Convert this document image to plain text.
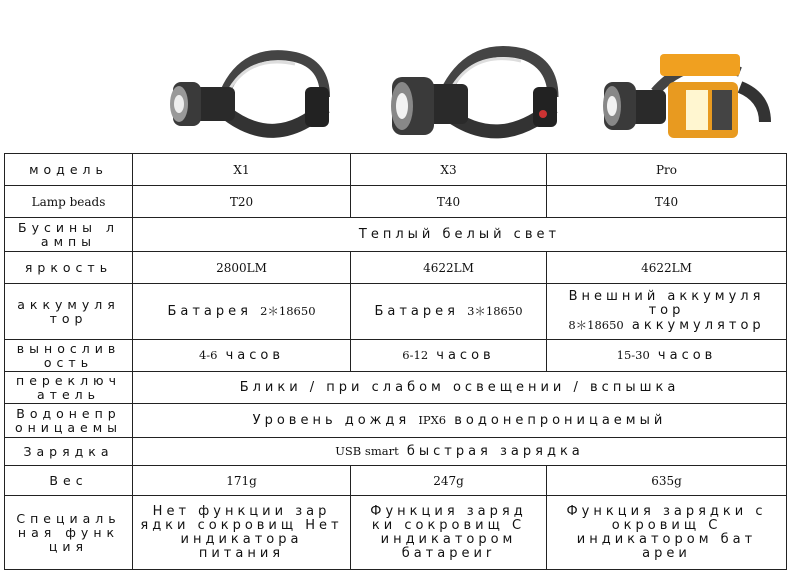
модель	X1	X3	Pro
Lamp beads	T20	T40	T40
Бусины л ампы	Теплый белый свет		
яркость	2800LM	4622LM	4622LM
аккумуля тор	Батарея 2＊18650	Батарея 3＊18650	Внешний аккумуля тор
8＊18650 аккумулятор
вынослив ость	4-6 часов	6-12 часов	15-30 часов
переключ атель	Блики / при слабом освещении / вспышка		
Водонепр оницаемы	Уровень дождя IPX6 водонепроницаемый		
Зарядка	USB smart быстрая зарядка		
Вес	171g	247g	635g
Специаль ная функ ция	Нет функции зар ядки сокровищ Нет индикатора питания	Функция заряд ки сокровищ С индикатором батареиr	Функция зарядки с окровищ С индикатором бат ареи
